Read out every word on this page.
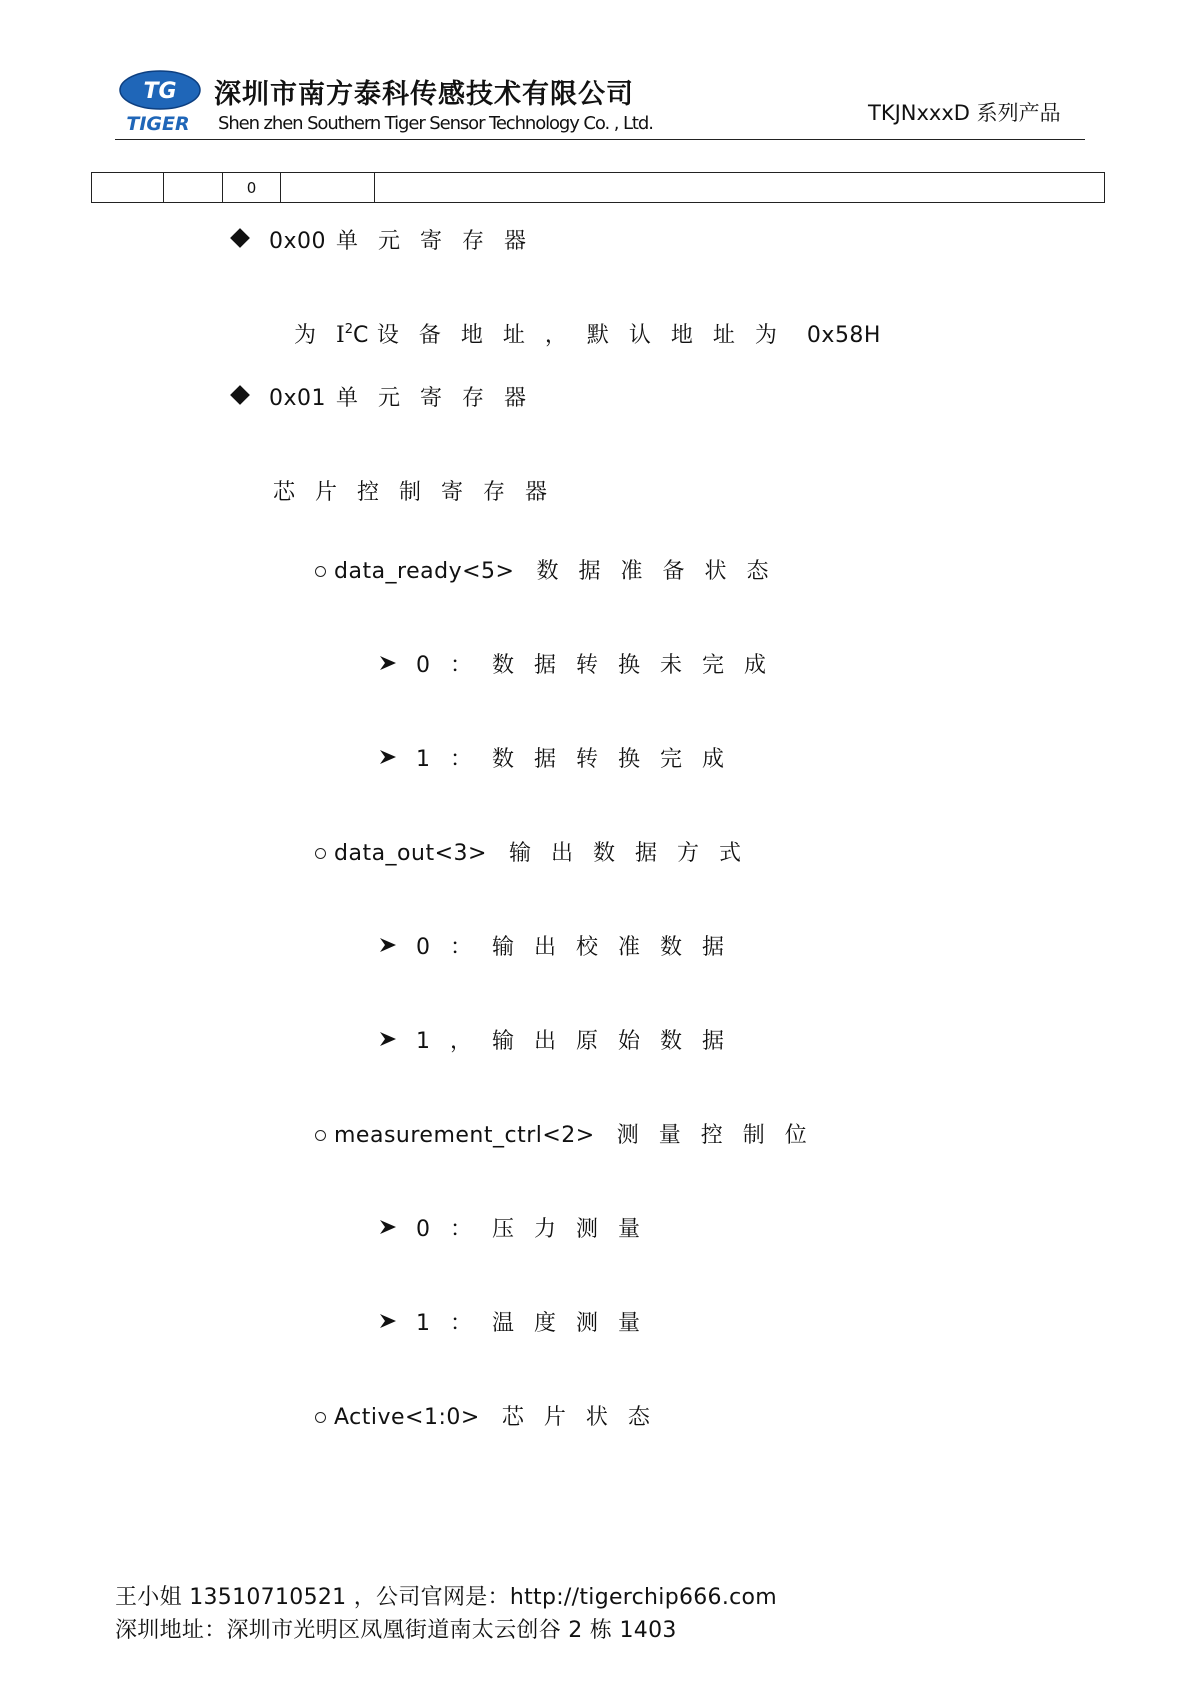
TG
TIGER
深圳市南方泰科传感技术有限公司
Shen zhen Southern Tiger Sensor Technology Co. , Ltd.	TKJNxxxD 系列产品
		0		
0x00 单元寄存器
为$I^2C$ 设备地址，默认地址为 0x58H
0x01 单元寄存器
芯片控制寄存器
data_ready<5> 数据准备状态
0：数据转换未完成
1：数据转换完成
data_out<3> 输出数据方式
0：输出校准数据
1，输出原始数据
measurement_ctrl<2> 测量控制位
0：压力测量
1：温度测量
Active<1:0> 芯片状态
王小姐 13510710521 ，公司官网是：http://tigerchip666.com
深圳地址：深圳市光明区凤凰街道南太云创谷 2 栋 1403
